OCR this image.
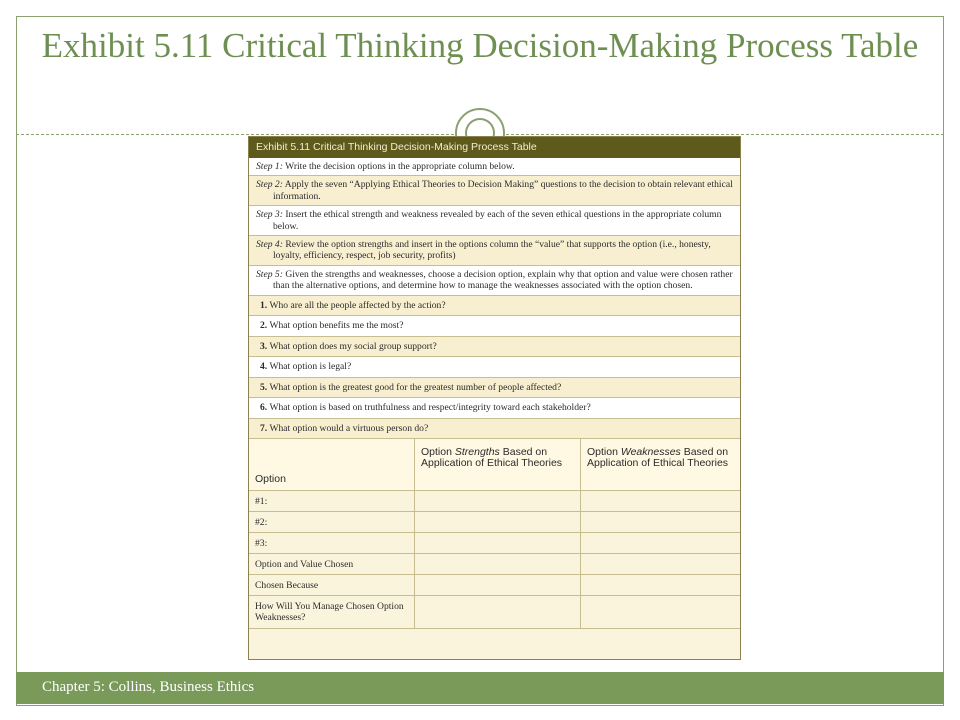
Exhibit 5.11 Critical Thinking Decision-Making Process Table
Exhibit 5.11 Critical Thinking Decision-Making Process Table
Step 1: Write the decision options in the appropriate column below.
Step 2: Apply the seven “Applying Ethical Theories to Decision Making” questions to the decision to obtain relevant ethical information.
Step 3: Insert the ethical strength and weakness revealed by each of the seven ethical questions in the appropriate column below.
Step 4: Review the option strengths and insert in the options column the “value” that supports the option (i.e., honesty, loyalty, efficiency, respect, job security, profits)
Step 5: Given the strengths and weaknesses, choose a decision option, explain why that option and value were chosen rather than the alternative options, and determine how to manage the weaknesses associated with the option chosen.
1. Who are all the people affected by the action?
2. What option benefits me the most?
3. What option does my social group support?
4. What option is legal?
5. What option is the greatest good for the greatest number of people affected?
6. What option is based on truthfulness and respect/integrity toward each stakeholder?
7. What option would a virtuous person do?
Option
Option Strengths Based on Application of Ethical Theories
Option Weaknesses Based on Application of Ethical Theories
#1:
#2:
#3:
Option and Value Chosen
Chosen Because
How Will You Manage Chosen Option Weaknesses?
Chapter 5: Collins, Business Ethics
